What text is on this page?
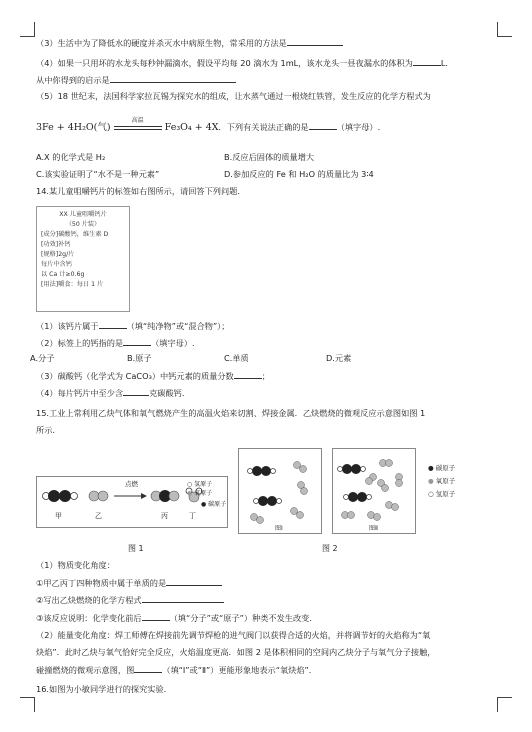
（3）生活中为了降低水的硬度并杀灭水中病原生物，常采用的方法是
（4）如果一只用坏的水龙头每秒钟漏滴水，假设平均每 20 滴水为 1mL，该水龙头一昼夜漏水的体积为	L.
从中你得到的启示是
（5）18 世纪末，法国科学家拉瓦锡为探究水的组成，让水蒸气通过一根烧红铁管，发生反应的化学方程式为
3Fe + 4H₂O(气)
高温
Fe₃O₄ + 4X．下列有关说法正确的是	（填字母）.
A.X 的化学式是 H₂	B.反应后固体的质量增大
C.该实验证明了“水不是一种元素”	D.参加反应的 Fe 和 H₂O 的质量比为 3∶4
14.某儿童咀嚼钙片的标签如右图所示，请回答下列问题.
XX 儿童咀嚼钙片
（50 片装）
[成分]碳酸钙，维生素 D
[功效]补钙
[规格]2g/片
每片中含钙
以 Ca 计≥0.6g
[用法]嚼食：每日 1 片
（1）该钙片属于	（填“纯净物”或“混合物”）；
（2）标签上的钙指的是	（填字母）.
A.分子	B.原子	C.单质	D.元素
（3）碳酸钙（化学式为 CaCO₃）中钙元素的质量分数	；
（4）每片钙片中至少含	克碳酸钙.
15.工业上常利用乙炔气体和氧气燃烧产生的高温火焰来切割、焊接金属．乙炔燃烧的微观反应示意图如图 1
所示.
点燃
甲	乙	丙	丁
○ 氢原子
● 氧原子
● 碳原子
图Ⅰ	图Ⅱ
● 碳原子
● 氧原子
○ 氢原子
图 1	图 2
（1）物质变化角度：
①甲乙丙丁四种物质中属于单质的是
②写出乙炔燃烧的化学方程式
③该反应说明：化学变化前后	（填“分子”或“原子”）种类不发生改变.
（2）能量变化角度：焊工师傅在焊接前先调节焊枪的进气阀门以获得合适的火焰，并将调节好的火焰称为“氧
炔焰”．此时乙炔与氧气恰好完全反应，火焰温度更高．如图 2 是体积相同的空间内乙炔分子与氧气分子接触，
碰撞燃烧的微观示意图，图	（填“Ⅰ”或“Ⅱ”）更能形象地表示“氧炔焰”.
16.如图为小敏同学进行的探究实验.
